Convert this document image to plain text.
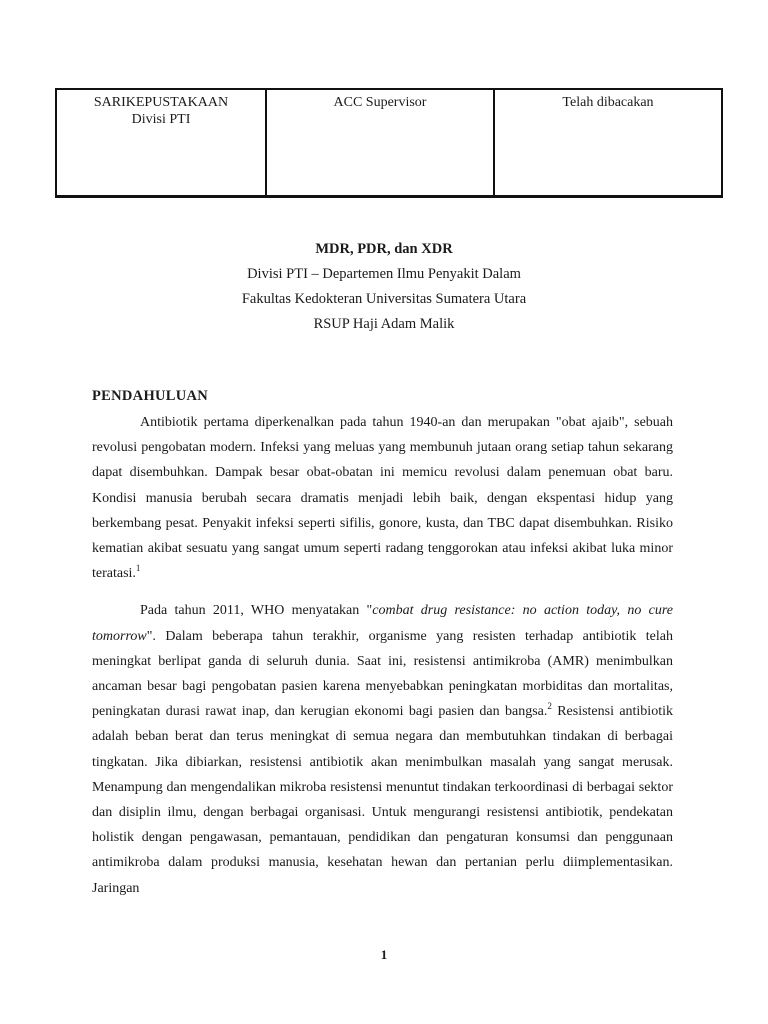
SARIKEPUSTAKAAN
Divisi PTI
ACC Supervisor	Telah dibacakan
MDR, PDR, dan XDR
Divisi PTI – Departemen Ilmu Penyakit Dalam
Fakultas Kedokteran Universitas Sumatera Utara
RSUP Haji Adam Malik
PENDAHULUAN

Antibiotik pertama diperkenalkan pada tahun 1940-an dan merupakan "obat ajaib", sebuah revolusi pengobatan modern. Infeksi yang meluas yang membunuh jutaan orang setiap tahun sekarang dapat disembuhkan. Dampak besar obat-obatan ini memicu revolusi dalam penemuan obat baru. Kondisi manusia berubah secara dramatis menjadi lebih baik, dengan ekspentasi hidup yang berkembang pesat. Penyakit infeksi seperti sifilis, gonore, kusta, dan TBC dapat disembuhkan. Risiko kematian akibat sesuatu yang sangat umum seperti radang tenggorokan atau infeksi akibat luka minor teratasi.$^1$

Pada tahun 2011, WHO menyatakan "combat drug resistance: no action today, no cure tomorrow". Dalam beberapa tahun terakhir, organisme yang resisten terhadap antibiotik telah meningkat berlipat ganda di seluruh dunia. Saat ini, resistensi antimikroba (AMR) menimbulkan ancaman besar bagi pengobatan pasien karena menyebabkan peningkatan morbiditas dan mortalitas, peningkatan durasi rawat inap, dan kerugian ekonomi bagi pasien dan bangsa.$^2$ Resistensi antibiotik adalah beban berat dan terus meningkat di semua negara dan membutuhkan tindakan di berbagai tingkatan. Jika dibiarkan, resistensi antibiotik akan menimbulkan masalah yang sangat merusak. Menampung dan mengendalikan mikroba resistensi menuntut tindakan terkoordinasi di berbagai sektor dan disiplin ilmu, dengan berbagai organisasi. Untuk mengurangi resistensi antibiotik, pendekatan holistik dengan pengawasan, pemantauan, pendidikan dan pengaturan konsumsi dan penggunaan antimikroba dalam produksi manusia, kesehatan hewan dan pertanian perlu diimplementasikan. Jaringan

1
